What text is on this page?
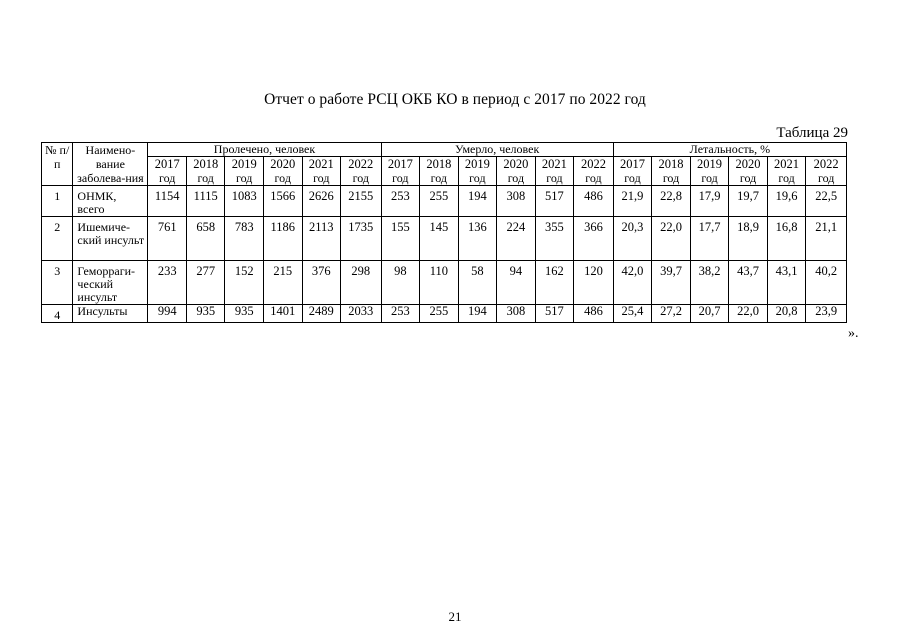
Отчет о работе РСЦ ОКБ КО в период с 2017 по 2022 год
Таблица 29
№ п/п	Наимено-вание заболева-ния	Пролечено, человек						Умерло, человек						Летальность, %					

		2017
год	2018
год	2019
год	2020
год	2021
год	2022
год	2017
год	2018
год	2019
год	2020
год	2021
год	2022
год	2017
год	2018
год	2019
год	2020
год	2021
год	2022
год

1	ОНМК, всего	1154	1115	1083	1566	2626	2155	253	255	194	308	517	486	21,9	22,8	17,9	19,7	19,6	22,5
2	Ишемиче-ский инсульт	761	658	783	1186	2113	1735	155	145	136	224	355	366	20,3	22,0	17,7	18,9	16,8	21,1
3	Геморраги-ческий инсульт	233	277	152	215	376	298	98	110	58	94	162	120	42,0	39,7	38,2	43,7	43,1	40,2
4	Инсульты	994	935	935	1401	2489	2033	253	255	194	308	517	486	25,4	27,2	20,7	22,0	20,8	23,9
».
21
